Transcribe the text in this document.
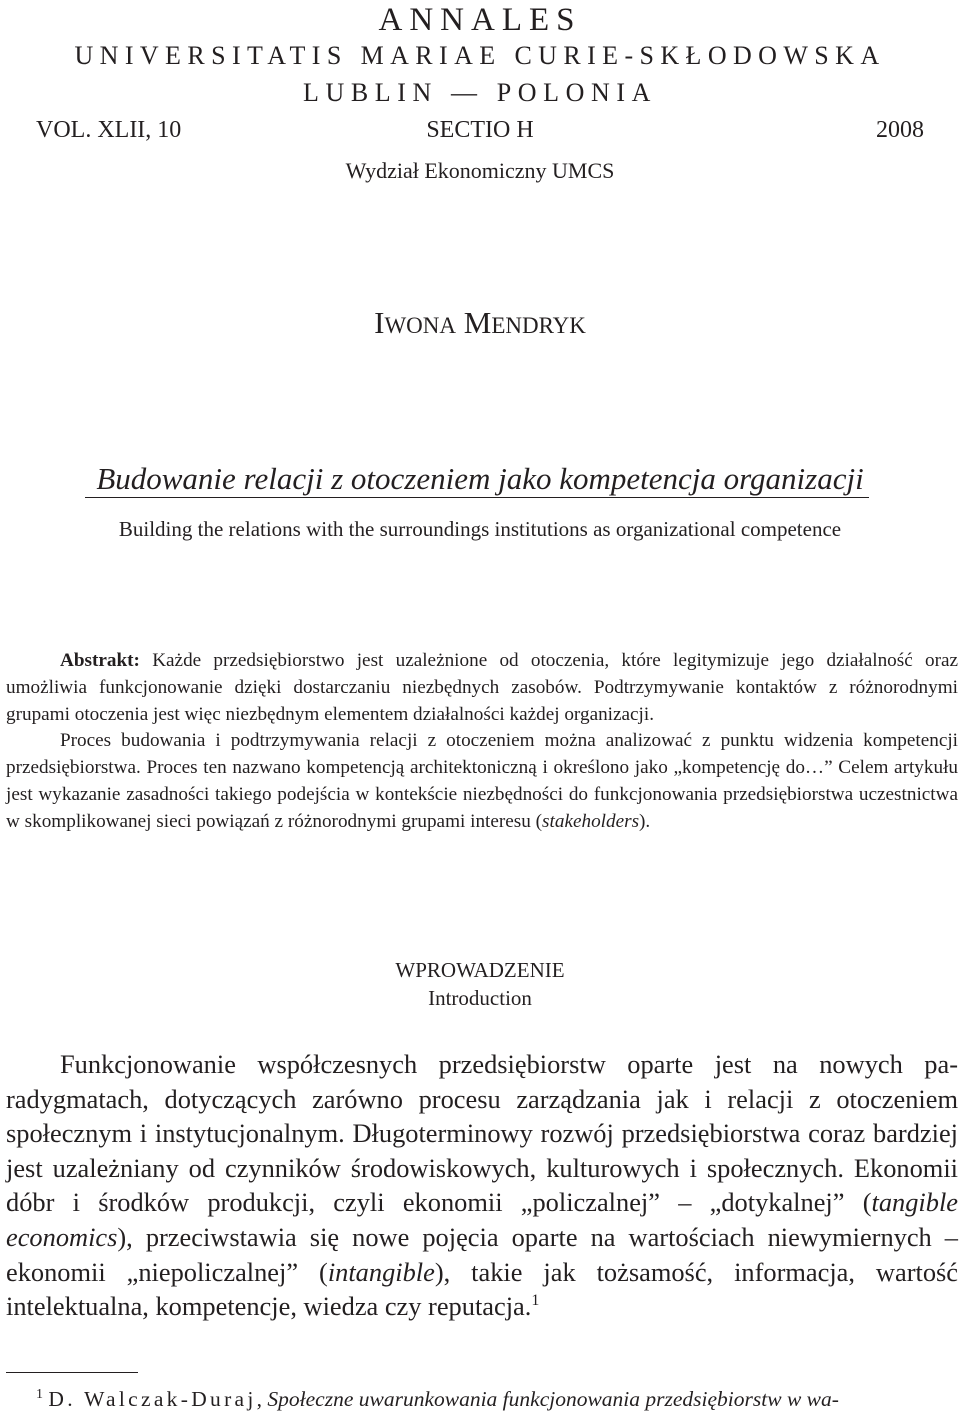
ANNALES
UNIVERSITATIS MARIAE CURIE-SKŁODOWSKA
LUBLIN — POLONIA
VOL. XLII, 10	SECTIO H	2008
Wydział Ekonomiczny UMCS
IWONA MENDRYK
Budowanie relacji z otoczeniem jako kompetencja organizacji
Building the relations with the surroundings institutions as organizational competence

Abstrakt: Każde przedsiębiorstwo jest uzależnione od otoczenia, które legitymizuje jego działalność oraz umożliwia funkcjonowanie dzięki dostarczaniu niezbędnych zasobów. Podtrzymywanie kontaktów z różnorodnymi grupami otoczenia jest więc niezbędnym elementem działalności każdej organizacji.

Proces budowania i podtrzymywania relacji z otoczeniem można analizować z punktu widzenia kompetencji przedsiębiorstwa. Proces ten nazwano kompetencją architektoniczną i określono jako „kompetencję do…” Celem artykułu jest wykazanie zasadności takiego podejścia w kontekście niezbędności do funkcjonowania przedsiębiorstwa uczestnictwa w skomplikowanej sieci powiązań z różnorodnymi grupami interesu (stakeholders).

WPROWADZENIE
Introduction

Funkcjonowanie współczesnych przedsiębiorstw oparte jest na nowych paradygmatach, dotyczących zarówno procesu zarządzania jak i relacji z otoczeniem społecznym i instytucjonalnym. Długoterminowy rozwój przedsiębiorstwa coraz bardziej jest uzależniany od czynników środowiskowych, kulturowych i społecznych. Ekonomii dóbr i środków produkcji, czyli ekonomii „policzalnej” – „dotykalnej” (tangible economics), przeciwstawia się nowe pojęcia oparte na wartościach niewymiernych – ekonomii „niepoliczalnej” (intangible), takie jak tożsamość, informacja, wartość intelektualna, kompetencje, wiedza czy reputacja.$^1$

$^1$ D. Walczak-Duraj, Społeczne uwarunkowania funkcjonowania przedsiębiorstw w wa-
